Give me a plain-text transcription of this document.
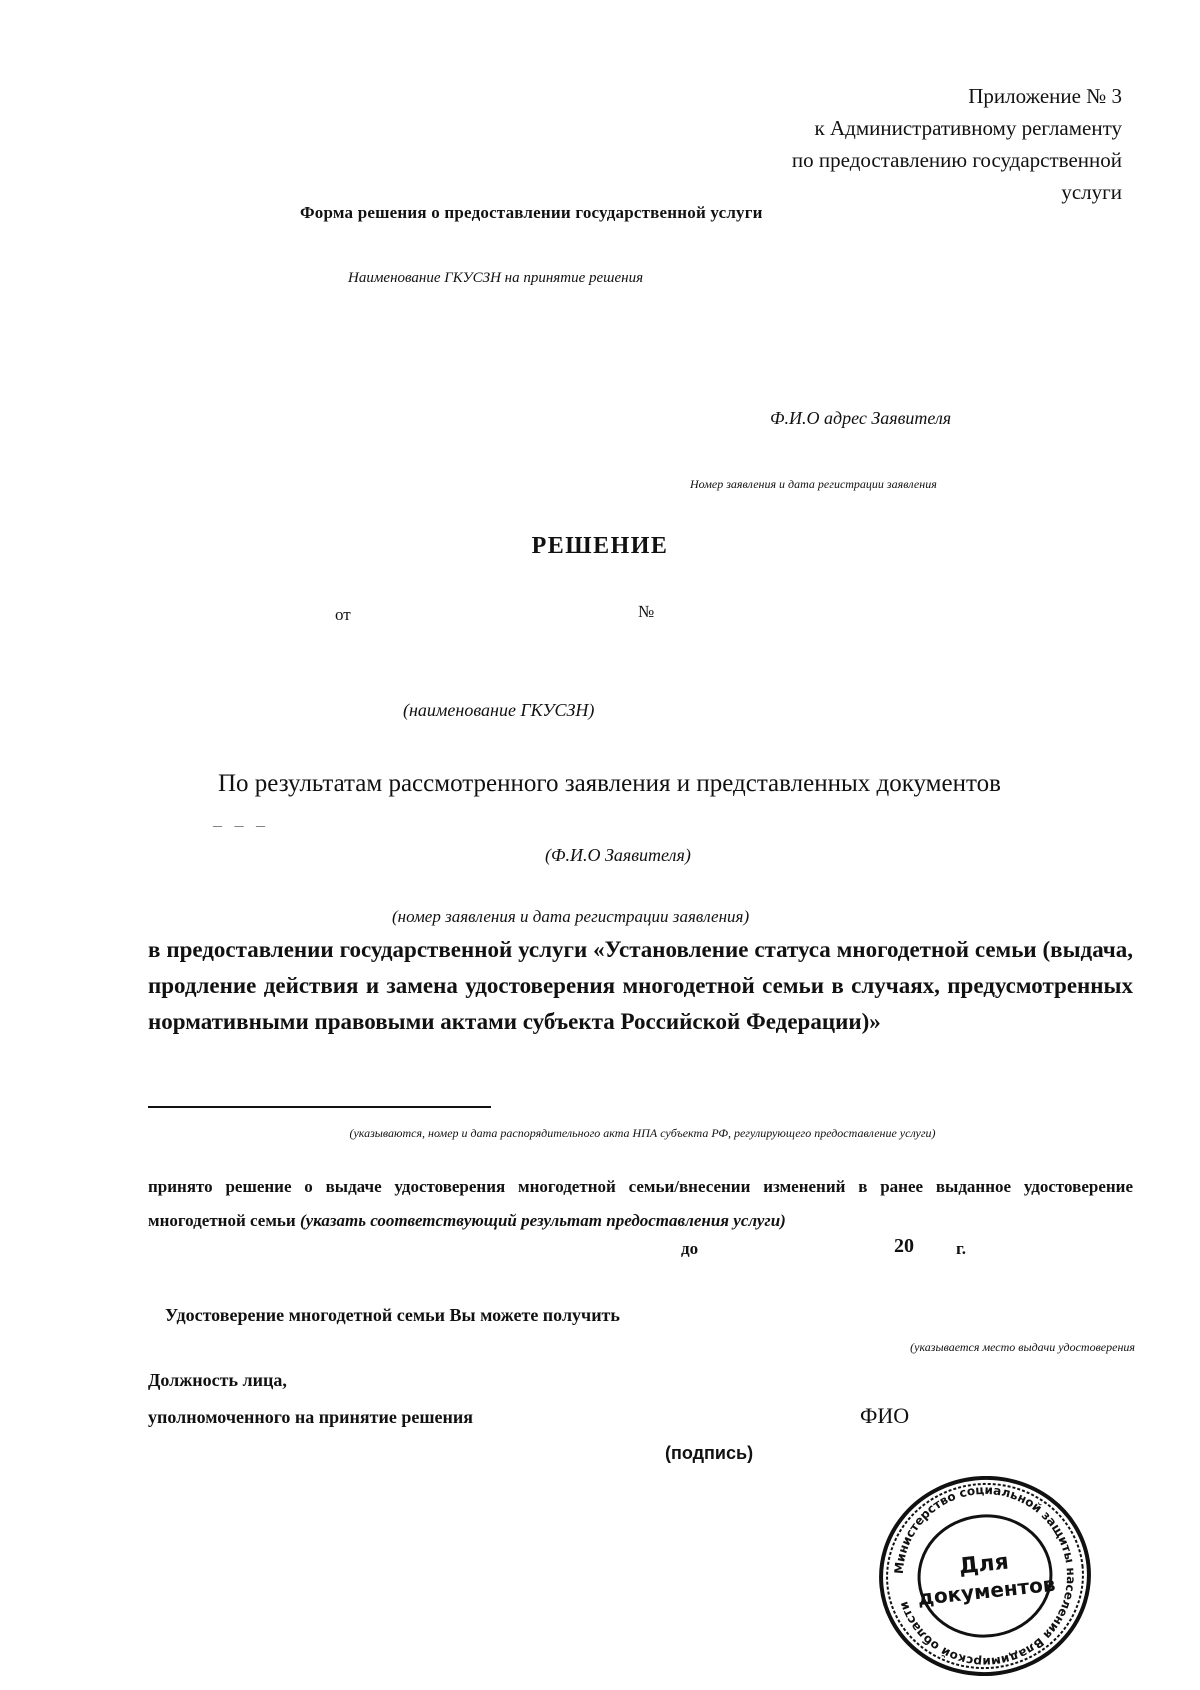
Приложение № 3
к Административному регламенту
по предоставлению государственной
услуги
Форма решения о предоставлении государственной услуги
Наименование ГКУСЗН на принятие решения
Ф.И.О адрес Заявителя
Номер заявления и дата регистрации заявления
РЕШЕНИЕ
от	№
(наименование ГКУСЗН)
По результатам рассмотренного заявления и представленных документов
– – –
(Ф.И.О Заявителя)
(номер заявления и дата регистрации заявления)
в предоставлении государственной услуги «Установление статуса многодетной семьи (выдача, продление действия и замена удостоверения многодетной семьи в случаях, предусмотренных нормативными правовыми актами субъекта Российской Федерации)»
(указываются, номер и дата распорядительного акта НПА субъекта РФ, регулирующего предоставление услуги)
принято решение о выдаче удостоверения многодетной семьи/внесении изменений в ранее выданное удостоверение многодетной семьи (указать соответствующий результат предоставления услуги)
до	20 г.
Удостоверение многодетной семьи Вы можете получить
(указывается место выдачи удостоверения
Должность лица,
уполномоченного на принятие решения	ФИО
(подпись)
Министерство социальной защиты населения Владимирской области
Для
документов
